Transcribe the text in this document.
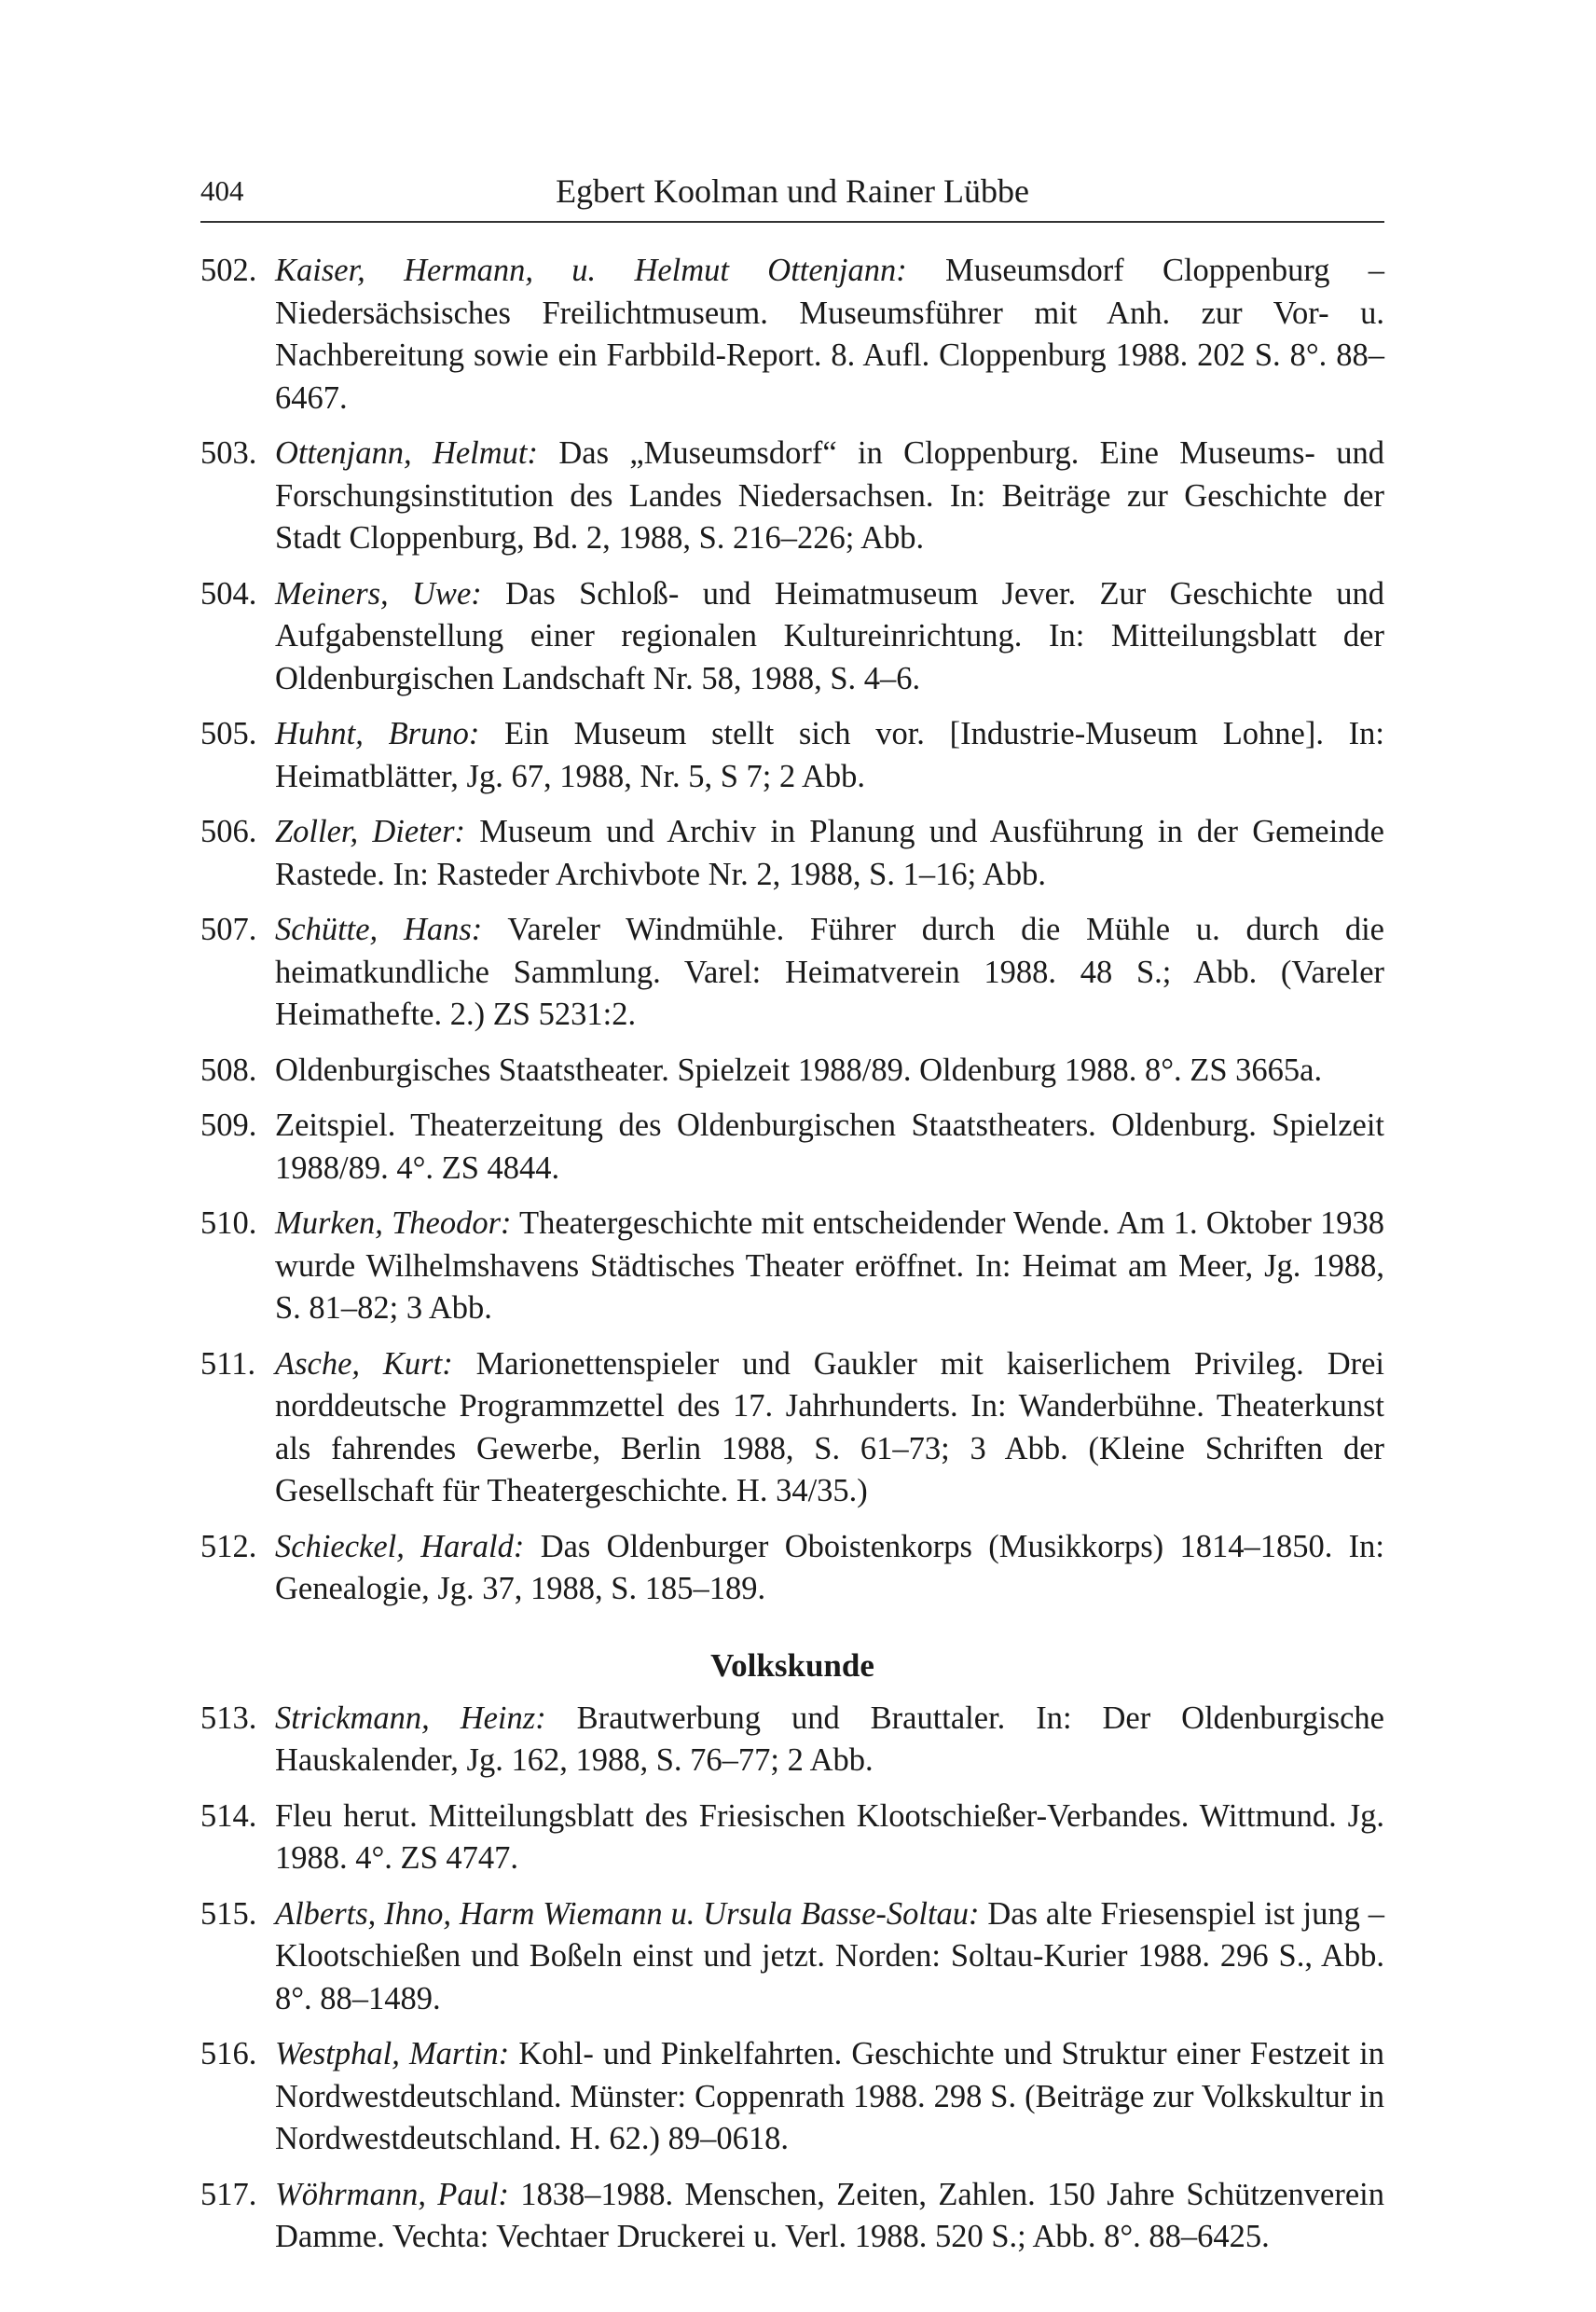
404	Egbert Koolman und Rainer Lübbe
502. Kaiser, Hermann, u. Helmut Ottenjann: Museumsdorf Cloppenburg – Niedersächsisches Freilichtmuseum. Museumsführer mit Anh. zur Vor- u. Nachbereitung sowie ein Farbbild-Report. 8. Aufl. Cloppenburg 1988. 202 S. 8°. 88–6467.
503. Ottenjann, Helmut: Das „Museumsdorf“ in Cloppenburg. Eine Museums- und Forschungsinstitution des Landes Niedersachsen. In: Beiträge zur Geschichte der Stadt Cloppenburg, Bd. 2, 1988, S. 216–226; Abb.
504. Meiners, Uwe: Das Schloß- und Heimatmuseum Jever. Zur Geschichte und Aufgabenstellung einer regionalen Kultureinrichtung. In: Mitteilungsblatt der Oldenburgischen Landschaft Nr. 58, 1988, S. 4–6.
505. Huhnt, Bruno: Ein Museum stellt sich vor. [Industrie-Museum Lohne]. In: Heimatblätter, Jg. 67, 1988, Nr. 5, S 7; 2 Abb.
506. Zoller, Dieter: Museum und Archiv in Planung und Ausführung in der Gemeinde Rastede. In: Rasteder Archivbote Nr. 2, 1988, S. 1–16; Abb.
507. Schütte, Hans: Vareler Windmühle. Führer durch die Mühle u. durch die heimatkundliche Sammlung. Varel: Heimatverein 1988. 48 S.; Abb. (Vareler Heimathefte. 2.) ZS 5231:2.
508. Oldenburgisches Staatstheater. Spielzeit 1988/89. Oldenburg 1988. 8°. ZS 3665a.
509. Zeitspiel. Theaterzeitung des Oldenburgischen Staatstheaters. Oldenburg. Spielzeit 1988/89. 4°. ZS 4844.
510. Murken, Theodor: Theatergeschichte mit entscheidender Wende. Am 1. Oktober 1938 wurde Wilhelmshavens Städtisches Theater eröffnet. In: Heimat am Meer, Jg. 1988, S. 81–82; 3 Abb.
511. Asche, Kurt: Marionettenspieler und Gaukler mit kaiserlichem Privileg. Drei norddeutsche Programmzettel des 17. Jahrhunderts. In: Wanderbühne. Theaterkunst als fahrendes Gewerbe, Berlin 1988, S. 61–73; 3 Abb. (Kleine Schriften der Gesellschaft für Theatergeschichte. H. 34/35.)
512. Schieckel, Harald: Das Oldenburger Oboistenkorps (Musikkorps) 1814–1850. In: Genealogie, Jg. 37, 1988, S. 185–189.
Volkskunde
513. Strickmann, Heinz: Brautwerbung und Brauttaler. In: Der Oldenburgische Hauskalender, Jg. 162, 1988, S. 76–77; 2 Abb.
514. Fleu herut. Mitteilungsblatt des Friesischen Klootschießer-Verbandes. Wittmund. Jg. 1988. 4°. ZS 4747.
515. Alberts, Ihno, Harm Wiemann u. Ursula Basse-Soltau: Das alte Friesenspiel ist jung – Klootschießen und Boßeln einst und jetzt. Norden: Soltau-Kurier 1988. 296 S., Abb. 8°. 88–1489.
516. Westphal, Martin: Kohl- und Pinkelfahrten. Geschichte und Struktur einer Festzeit in Nordwestdeutschland. Münster: Coppenrath 1988. 298 S. (Beiträge zur Volkskultur in Nordwestdeutschland. H. 62.) 89–0618.
517. Wöhrmann, Paul: 1838–1988. Menschen, Zeiten, Zahlen. 150 Jahre Schützenverein Damme. Vechta: Vechtaer Druckerei u. Verl. 1988. 520 S.; Abb. 8°. 88–6425.
